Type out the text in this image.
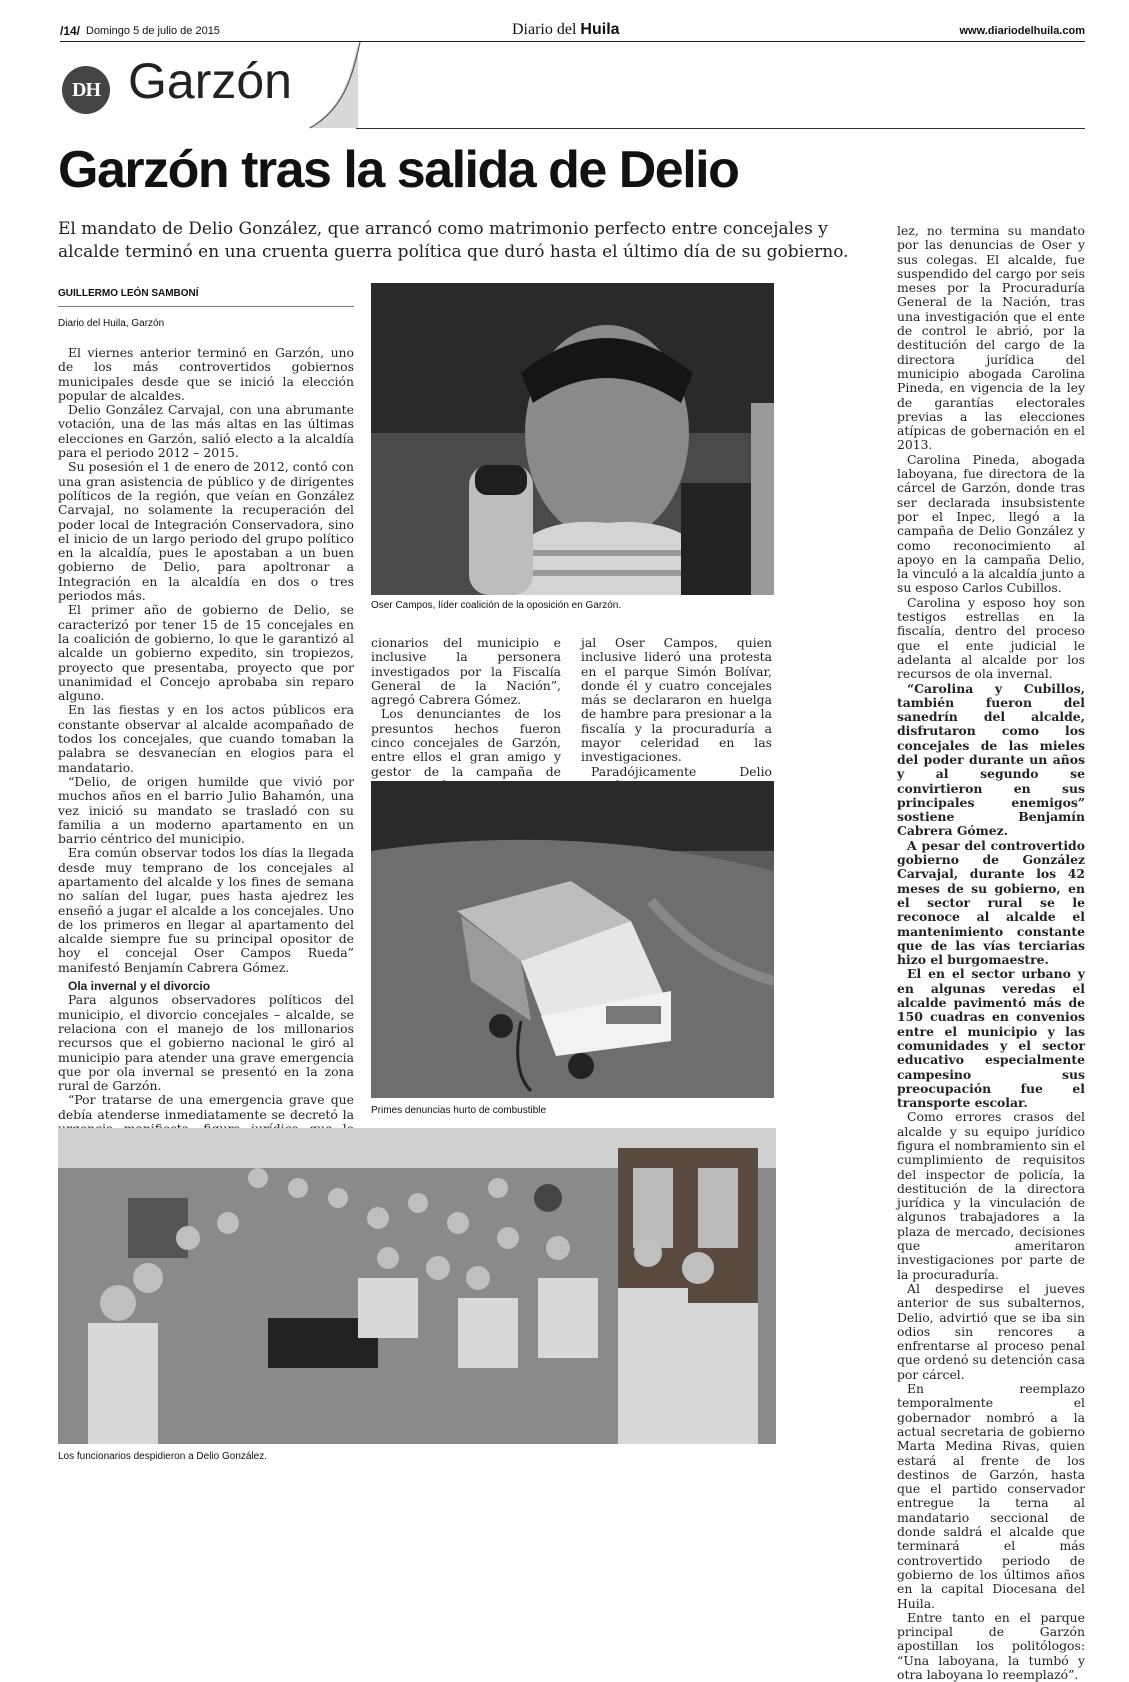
/14/ Domingo 5 de julio de 2015	Diario del Huila	www.diariodelhuila.com
DH Garzón
Garzón tras la salida de Delio
El mandato de Delio González, que arrancó como matrimonio perfecto entre concejales y alcalde terminó en una cruenta guerra política que duró hasta el último día de su gobierno.
GUILLERMO LEÓN SAMBONÍ
Diario del Huila, Garzón

El viernes anterior terminó en Garzón, uno de los más controvertidos gobiernos municipales desde que se inició la elección popular de alcaldes.

Delio González Carvajal, con una abrumante votación, una de las más altas en las últimas elecciones en Garzón, salió electo a la alcaldía para el periodo 2012 – 2015.

Su posesión el 1 de enero de 2012, contó con una gran asistencia de público y de dirigentes políticos de la región, que veían en González Carvajal, no solamente la recuperación del poder local de Integración Conservadora, sino el inicio de un largo periodo del grupo político en la alcaldía, pues le apostaban a un buen gobierno de Delio, para apoltronar a Integración en la alcaldía en dos o tres periodos más.

El primer año de gobierno de Delio, se caracterizó por tener 15 de 15 concejales en la coalición de gobierno, lo que le garantizó al alcalde un gobierno expedito, sin tropiezos, proyecto que presentaba, proyecto que por unanimidad el Concejo aprobaba sin reparo alguno.

En las fiestas y en los actos públicos era constante observar al alcalde acompañado de todos los concejales, que cuando tomaban la palabra se desvanecían en elogios para el mandatario.

“Delio, de origen humilde que vivió por muchos años en el barrio Julio Bahamón, una vez inició su mandato se trasladó con su familia a un moderno apartamento en un barrio céntrico del municipio.

Era común observar todos los días la llegada desde muy temprano de los concejales al apartamento del alcalde y los fines de semana no salían del lugar, pues hasta ajedrez les enseñó a jugar el alcalde a los concejales. Uno de los primeros en llegar al apartamento del alcalde siempre fue su principal opositor de hoy el concejal Oser Campos Rueda” manifestó Benjamín Cabrera Gómez.

Ola invernal y el divorcio

Para algunos observadores políticos del municipio, el divorcio concejales – alcalde, se relaciona con el manejo de los millonarios recursos que el gobierno nacional le giró al municipio para atender una grave emergencia que por ola invernal se presentó en la zona rural de Garzón.

“Por tratarse de una emergencia grave que debía atenderse inmediatamente se decretó la

Oser Campos, líder coalición de la oposición en Garzón.

cionarios del municipio e inclusive la personera investigados por la Fiscalía General de la Nación”, agregó Cabrera Gómez.

Los denunciantes de los presuntos hechos fueron cinco concejales de Garzón, entre ellos el gran amigo y gestor de la campaña de

jal Oser Campos, quien inclusive lideró una protesta en el parque Simón Bolívar, donde él y cuatro concejales más se declararon en huelga de hambre para presionar a la fiscalía y la procuraduría a mayor celeridad en las investigaciones.

Paradójicamente Delio

Primes denuncias hurto de combustible
Los funcionarios despidieron a Delio González.

lez, no termina su mandato por las denuncias de Oser y sus colegas. El alcalde, fue suspendido del cargo por seis meses por la Procuraduría General de la Nación, tras una investigación que el ente de control le abrió, por la destitución del cargo de la directora jurídica del municipio abogada Carolina Pineda, en vigencia de la ley de garantías electorales previas a las elecciones atípicas de gobernación en el 2013.

Carolina Pineda, abogada laboyana, fue directora de la cárcel de Garzón, donde tras ser declarada insubsistente por el Inpec, llegó a la campaña de Delio González y como reconocimiento al apoyo en la campaña Delio, la vinculó a la alcaldía junto a su esposo Carlos Cubillos.

Carolina y esposo hoy son testigos estrellas en la fiscalía, dentro del proceso que el ente judicial le adelanta al alcalde por los recursos de ola invernal.

“Carolina y Cubillos, también fueron del sanedrín del alcalde, disfrutaron como los concejales de las mieles del poder durante un años y al segundo se convirtieron en sus principales enemigos” sostiene Benjamín Cabrera Gómez.

A pesar del controvertido gobierno de González Carvajal, durante los 42 meses de su gobierno, en el sector rural se le reconoce al alcalde el mantenimiento constante que de las vías terciarias hizo el burgomaestre.

El en el sector urbano y en algunas veredas el alcalde pavimentó más de 150 cuadras en convenios entre el municipio y las comunidades y el sector educativo especialmente campesino sus preocupación fue el transporte escolar.

Como errores crasos del alcalde y su equipo jurídico figura el nombramiento sin el cumplimiento de requisitos del inspector de policía, la destitución de la directora jurídica y la vinculación de algunos trabajadores a la plaza de mercado, decisiones que ameritaron investigaciones por parte de la procuraduría.

Al despedirse el jueves anterior de sus subalternos, Delio, advirtió que se iba sin odios sin rencores a enfrentarse al proceso penal que ordenó su detención casa por cárcel.

En reemplazo temporalmente el gobernador nombró a la actual secretaria de gobierno Marta Medina Rivas, quien estará al frente de los destinos de Garzón, hasta que el partido conservador entregue la terna al mandatario seccional de donde saldrá el alcalde que terminará el más controvertido periodo de gobierno de los últimos años en la capital Diocesana del Huila.

Entre tanto en el parque principal de Garzón apostillan los politólogos: “Una laboyana, la tumbó y otra laboyana lo reemplazó”.
